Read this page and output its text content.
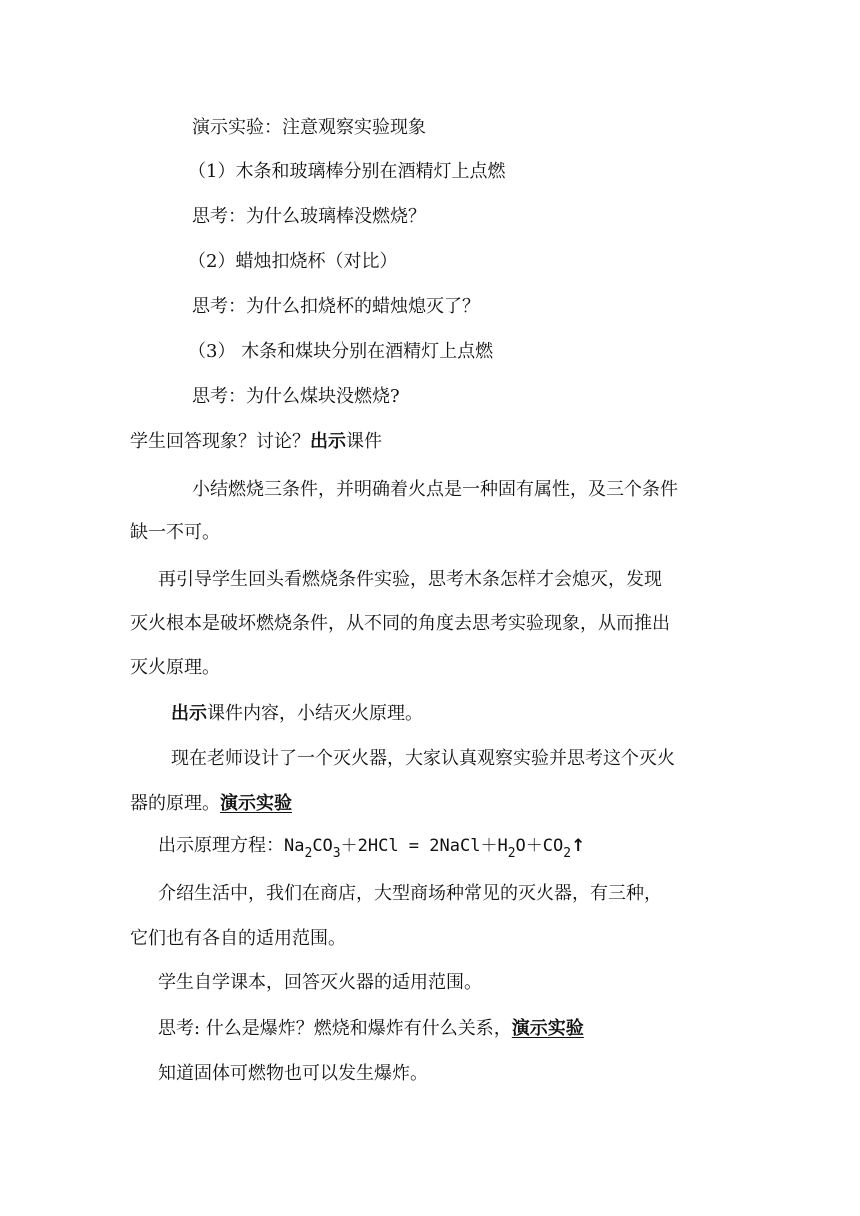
演示实验：注意观察实验现象
（1）木条和玻璃棒分别在酒精灯上点燃
思考：为什么玻璃棒没燃烧？
（2）蜡烛扣烧杯（对比）
思考：为什么扣烧杯的蜡烛熄灭了？
（3） 木条和煤块分别在酒精灯上点燃
思考：为什么煤块没燃烧?
学生回答现象？讨论？出示课件
小结燃烧三条件，并明确着火点是一种固有属性，及三个条件
缺一不可。
再引导学生回头看燃烧条件实验，思考木条怎样才会熄灭，发现
灭火根本是破坏燃烧条件，从不同的角度去思考实验现象，从而推出
灭火原理。
出示课件内容，小结灭火原理。
现在老师设计了一个灭火器，大家认真观察实验并思考这个灭火
器的原理。演示实验
出示原理方程：$Na_2CO_3+2HCl$ = $2NaCl+H_2O+CO_2↑$
介绍生活中，我们在商店，大型商场种常见的灭火器，有三种，
它们也有各自的适用范围。
学生自学课本，回答灭火器的适用范围。
思考: 什么是爆炸？燃烧和爆炸有什么关系，演示实验
知道固体可燃物也可以发生爆炸。
